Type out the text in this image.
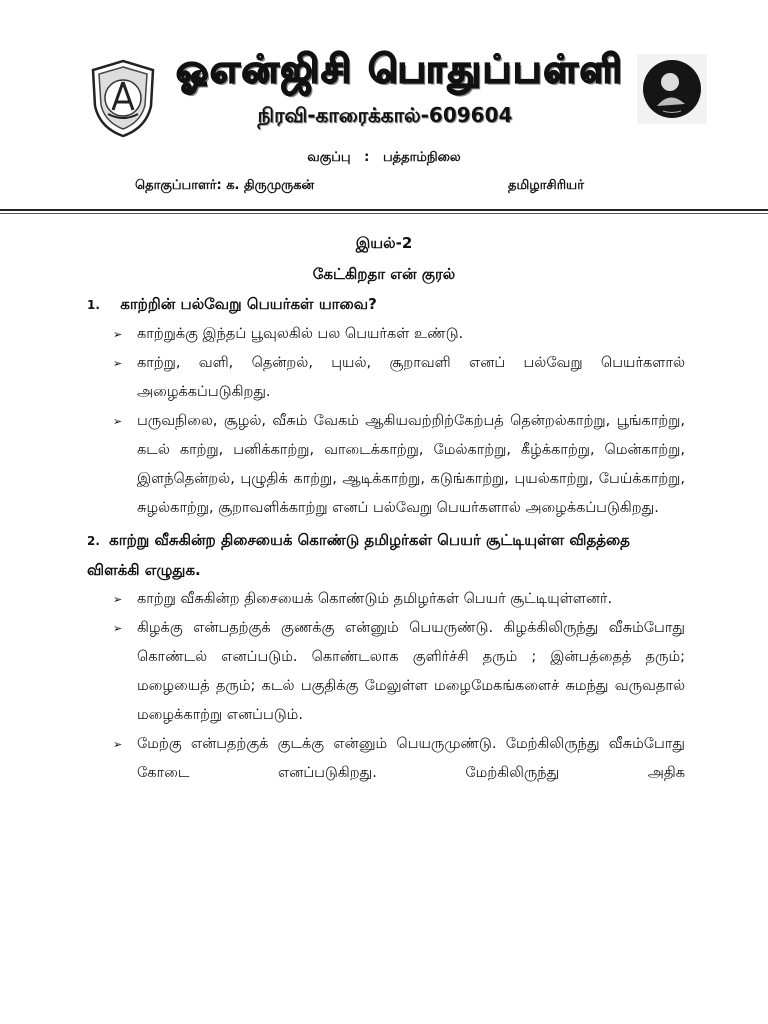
ஓஎன்ஜிசி பொதுப்பள்ளி
நிரவி-காரைக்கால்-609604
வகுப்பு : பத்தாம்நிலை
தொகுப்பாளர்: க. திருமுருகன்	தமிழாசிரியர்
இயல்-2
கேட்கிறதா என் குரல்

1. காற்றின் பல்வேறு பெயர்கள் யாவை?

➢ காற்றுக்கு இந்தப் பூவுலகில் பல பெயர்கள் உண்டு.
➢ காற்று, வளி, தென்றல், புயல், சூறாவளி எனப் பல்வேறு பெயர்களால் அழைக்கப்படுகிறது.
➢ பருவநிலை, சூழல், வீசும் வேகம் ஆகியவற்றிற்கேற்பத் தென்றல்காற்று, பூங்காற்று, கடல் காற்று, பனிக்காற்று, வாடைக்காற்று, மேல்காற்று, கீழ்க்காற்று, மென்காற்று, இளந்தென்றல், புழுதிக் காற்று, ஆடிக்காற்று, கடுங்காற்று, புயல்காற்று, பேய்க்காற்று, சுழல்காற்று, சூறாவளிக்காற்று எனப் பல்வேறு பெயர்களால் அழைக்கப்படுகிறது.

2. காற்று வீசுகின்ற திசையைக் கொண்டு தமிழர்கள் பெயர் சூட்டியுள்ள விதத்தை விளக்கி எழுதுக.

➢ காற்று வீசுகின்ற திசையைக் கொண்டும் தமிழர்கள் பெயர் சூட்டியுள்ளனர்.
➢ கிழக்கு என்பதற்குக் குணக்கு என்னும் பெயருண்டு. கிழக்கிலிருந்து வீசும்போது கொண்டல் எனப்படும். கொண்டலாக குளிர்ச்சி தரும் ; இன்பத்தைத் தரும்; மழையைத் தரும்; கடல் பகுதிக்கு மேலுள்ள மழைமேகங்களைச் சுமந்து வருவதால் மழைக்காற்று எனப்படும்.
➢ மேற்கு என்பதற்குக் குடக்கு என்னும் பெயருமுண்டு. மேற்கிலிருந்து வீசும்போது கோடை எனப்படுகிறது. மேற்கிலிருந்து அதிக
